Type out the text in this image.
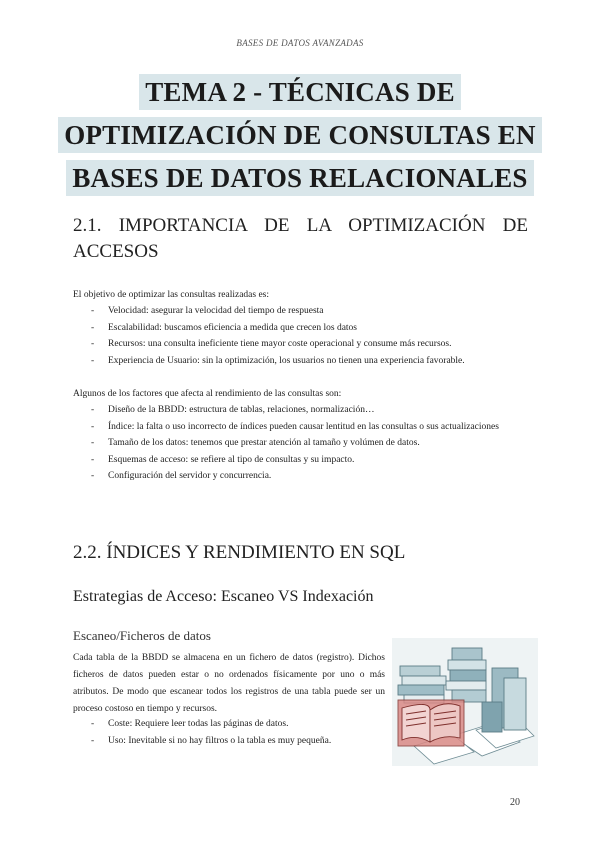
BASES DE DATOS AVANZADAS
TEMA 2 - TÉCNICAS DE
OPTIMIZACIÓN DE CONSULTAS EN
BASES DE DATOS RELACIONALES
2.1. IMPORTANCIA DE LA OPTIMIZACIÓN DE ACCESOS
El objetivo de optimizar las consultas realizadas es:
- Velocidad: asegurar la velocidad del tiempo de respuesta
- Escalabilidad: buscamos eficiencia a medida que crecen los datos
- Recursos: una consulta ineficiente tiene mayor coste operacional y consume más recursos.
- Experiencia de Usuario: sin la optimización, los usuarios no tienen una experiencia favorable.
Algunos de los factores que afecta al rendimiento de las consultas son:
- Diseño de la BBDD: estructura de tablas, relaciones, normalización…
- Índice: la falta o uso incorrecto de índices pueden causar lentitud en las consultas o sus actualizaciones
- Tamaño de los datos: tenemos que prestar atención al tamaño y volúmen de datos.
- Esquemas de acceso: se refiere al tipo de consultas y su impacto.
- Configuración del servidor y concurrencia.
2.2. ÍNDICES Y RENDIMIENTO EN SQL
Estrategias de Acceso: Escaneo VS Indexación
Escaneo/Ficheros de datos
Cada tabla de la BBDD se almacena en un fichero de datos (registro). Dichos ficheros de datos pueden estar o no ordenados físicamente por uno o más atributos. De modo que escanear todos los registros de una tabla puede ser un proceso costoso en tiempo y recursos.
- Coste: Requiere leer todas las páginas de datos.
- Uso: Inevitable si no hay filtros o la tabla es muy pequeña.
20
